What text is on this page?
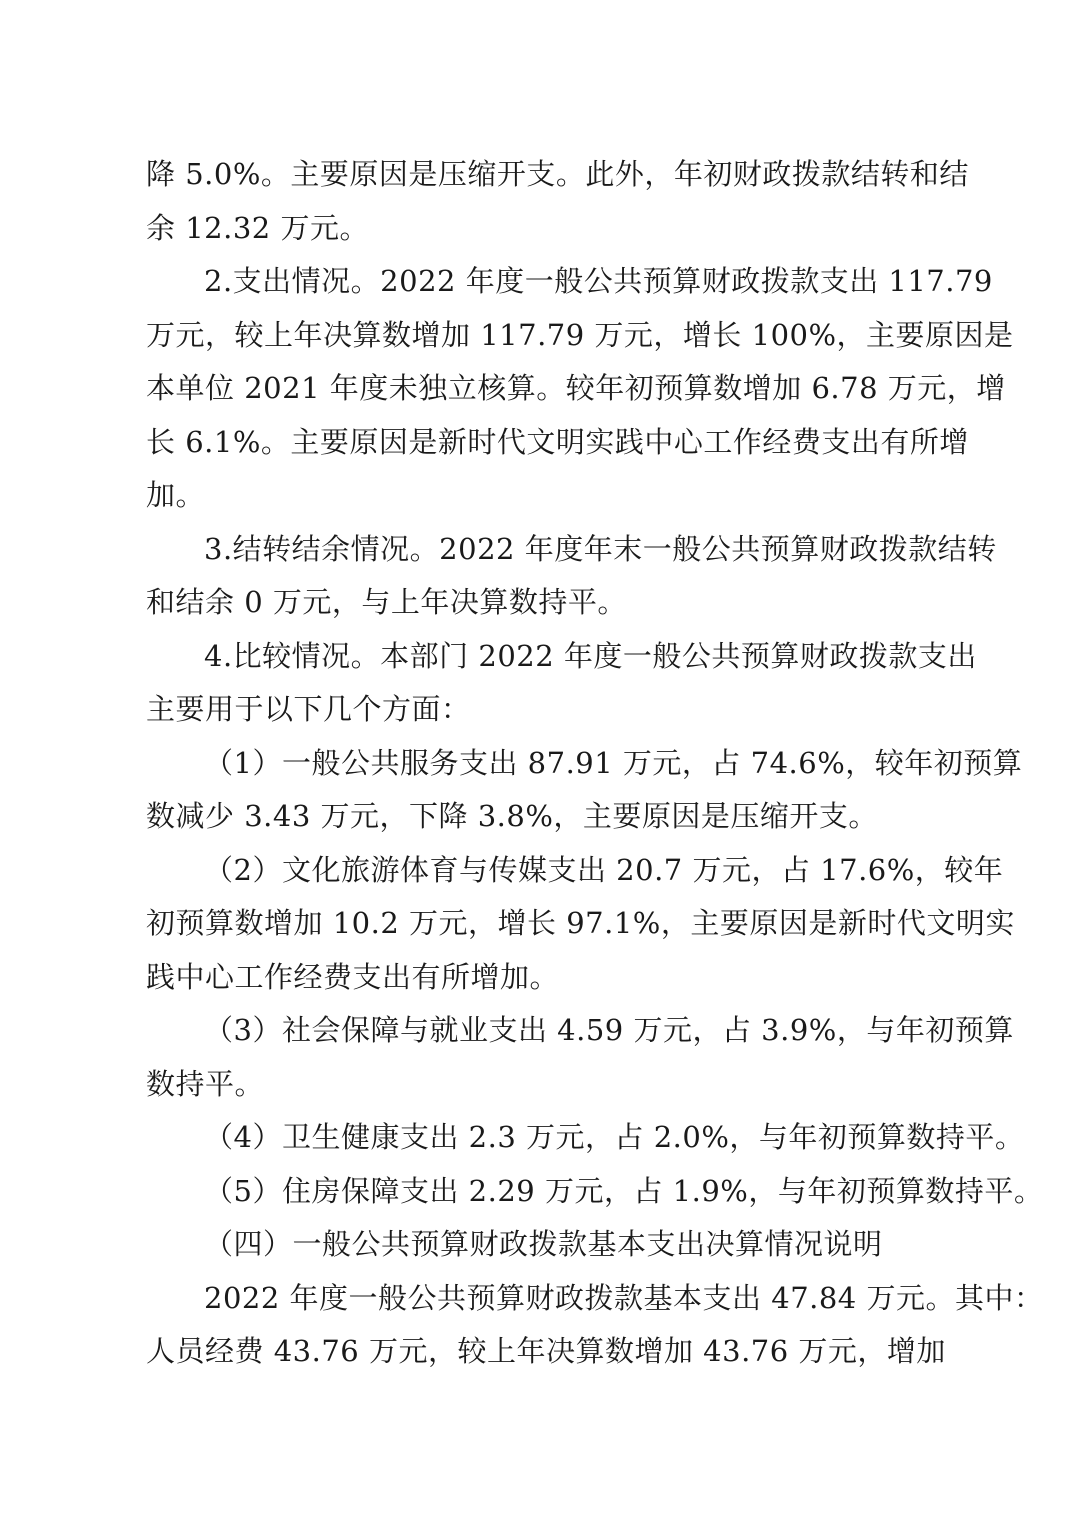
降 5.0%。主要原因是压缩开支。此外，年初财政拨款结转和结
余 12.32 万元。
2.支出情况。2022 年度一般公共预算财政拨款支出 117.79
万元，较上年决算数增加 117.79 万元，增长 100%，主要原因是
本单位 2021 年度未独立核算。较年初预算数增加 6.78 万元，增
长 6.1%。主要原因是新时代文明实践中心工作经费支出有所增
加。
3.结转结余情况。2022 年度年末一般公共预算财政拨款结转
和结余 0 万元，与上年决算数持平。
4.比较情况。本部门 2022 年度一般公共预算财政拨款支出
主要用于以下几个方面：
（1）一般公共服务支出 87.91 万元，占 74.6%，较年初预算
数减少 3.43 万元，下降 3.8%，主要原因是压缩开支。
（2）文化旅游体育与传媒支出 20.7 万元，占 17.6%，较年
初预算数增加 10.2 万元，增长 97.1%，主要原因是新时代文明实
践中心工作经费支出有所增加。
（3）社会保障与就业支出 4.59 万元，占 3.9%，与年初预算
数持平。
（4）卫生健康支出 2.3 万元，占 2.0%，与年初预算数持平。
（5）住房保障支出 2.29 万元，占 1.9%，与年初预算数持平。
（四）一般公共预算财政拨款基本支出决算情况说明
2022 年度一般公共预算财政拨款基本支出 47.84 万元。其中：
人员经费 43.76 万元，较上年决算数增加 43.76 万元，增加
